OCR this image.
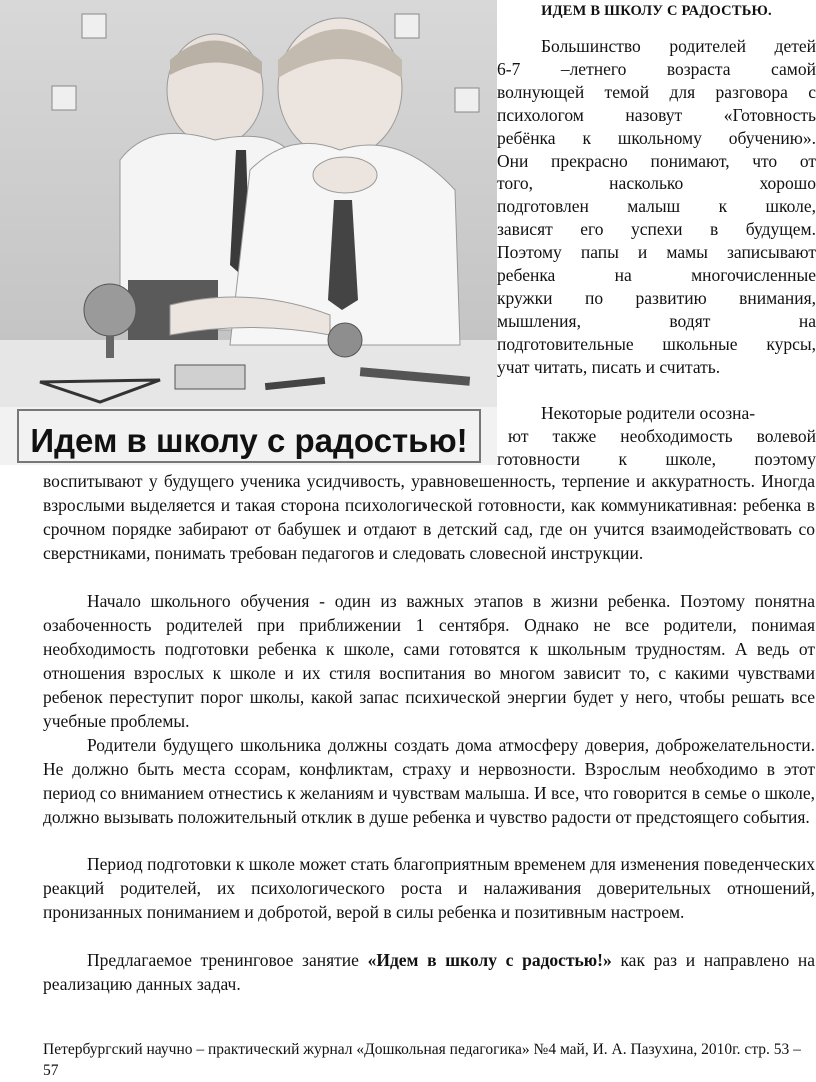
Идем в школу с радостью!
ИДЕМ В ШКОЛУ С РАДОСТЬЮ.

Большинство родителей детей
6-7 –летнего возраста самой
волнующей темой для разговора с
психологом назовут «Готовность
ребёнка к школьному обучению».
Они прекрасно понимают, что от
того, насколько хорошо
подготовлен малыш к школе,
зависят его успехи в будущем.
Поэтому папы и мамы записывают
ребенка на многочисленные
кружки по развитию внимания,
мышления, водят на
подготовительные школьные курсы,

учат читать, писать и считать.

Некоторые родители осозна-
ют также необходимость волевой
готовности к школе, поэтому

воспитывают у будущего ученика усидчивость, уравновешенность, терпение и аккуратность. Иногда взрослыми выделяется и такая сторона психологической готовности, как коммуникативная: ребенка в срочном порядке забирают от бабушек и отдают в детский сад, где он учится взаимодействовать со сверстниками, понимать требован педагогов и следовать словесной инструкции.

Начало школьного обучения - один из важных этапов в жизни ребенка. Поэтому понятна озабоченность родителей при приближении 1 сентября. Однако не все родители, понимая необходимость подготовки ребенка к школе, сами готовятся к школьным трудностям. А ведь от отношения взрослых к школе и их стиля воспитания во многом зависит то, с какими чувствами ребенок переступит порог школы, какой запас психической энергии будет у него, чтобы решать все учебные проблемы.

Родители будущего школьника должны создать дома атмосферу доверия, доброжелательности. Не должно быть места ссорам, конфликтам, страху и нервозности. Взрослым необходимо в этот период со вниманием отнестись к желаниям и чувствам малыша. И все, что говорится в семье о школе, должно вызывать положительный отклик в душе ребенка и чувство радости от предстоящего события.

Период подготовки к школе может стать благоприятным временем для изменения поведенческих реакций родителей, их психологического роста и налаживания доверительных отношений, пронизанных пониманием и добротой, верой в силы ребенка и позитивным настроем.

Предлагаемое тренинговое занятие «Идем в школу с радостью!» как раз и направлено на реализацию данных задач.

Петербургский научно – практический журнал «Дошкольная педагогика» №4 май, И. А. Пазухина, 2010г. стр. 53 – 57
